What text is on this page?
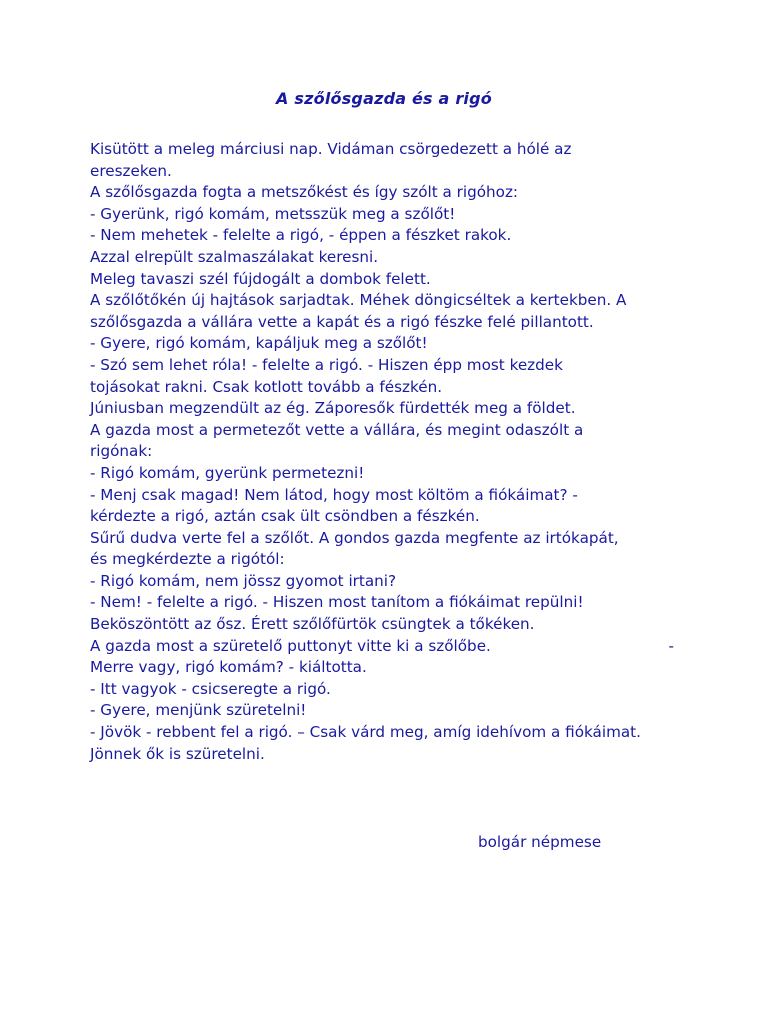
A szőlősgazda és a rigó
Kisütött a meleg márciusi nap. Vidáman csörgedezett a hólé az
ereszeken.
A szőlősgazda fogta a metszőkést és így szólt a rigóhoz:
- Gyerünk, rigó komám, metsszük meg a szőlőt!
- Nem mehetek - felelte a rigó, - éppen a fészket rakok.
Azzal elrepült szalmaszálakat keresni.
Meleg tavaszi szél fújdogált a dombok felett.
A szőlőtőkén új hajtások sarjadtak. Méhek döngicséltek a kertekben. A
szőlősgazda a vállára vette a kapát és a rigó fészke felé pillantott.
- Gyere, rigó komám, kapáljuk meg a szőlőt!
- Szó sem lehet róla! - felelte a rigó. - Hiszen épp most kezdek
tojásokat rakni. Csak kotlott tovább a fészkén.
Júniusban megzendült az ég. Záporesők fürdették meg a földet.
A gazda most a permetezőt vette a vállára, és megint odaszólt a
rigónak:
- Rigó komám, gyerünk permetezni!
- Menj csak magad! Nem látod, hogy most költöm a fiókáimat? -
kérdezte a rigó, aztán csak ült csöndben a fészkén.
Sűrű dudva verte fel a szőlőt. A gondos gazda megfente az irtókapát,
és megkérdezte a rigótól:
- Rigó komám, nem jössz gyomot irtani?
- Nem! - felelte a rigó. - Hiszen most tanítom a fiókáimat repülni!
Beköszöntött az ősz. Érett szőlőfürtök csüngtek a tőkéken.
A gazda most a szüretelő puttonyt vitte ki a szőlőbe.	-
Merre vagy, rigó komám? - kiáltotta.
- Itt vagyok - csicseregte a rigó.
- Gyere, menjünk szüretelni!
- Jövök - rebbent fel a rigó. – Csak várd meg, amíg idehívom a fiókáimat.
Jönnek ők is szüretelni.
bolgár népmese
